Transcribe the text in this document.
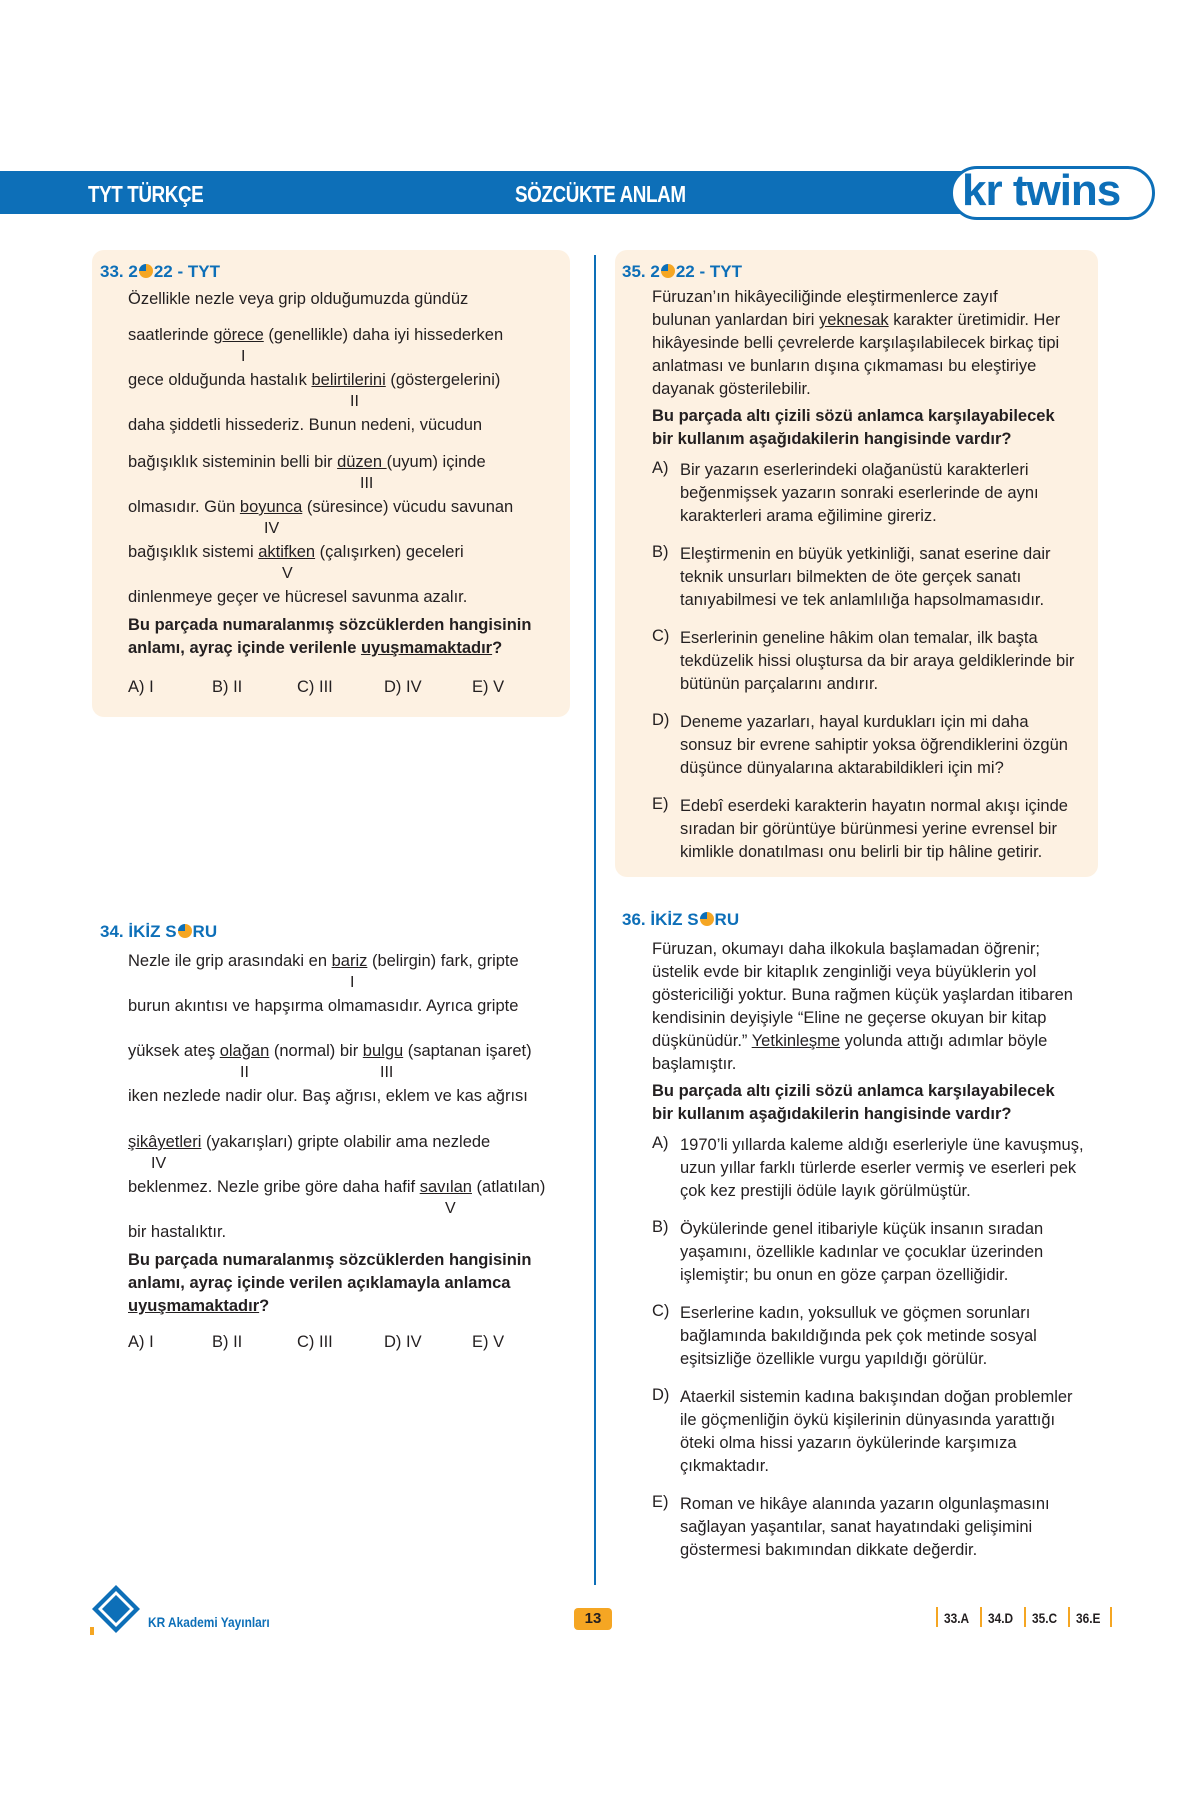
TYT TÜRKÇE	SÖZCÜKTE ANLAM	kr twins
33. 2 22 - TYT
Özellikle nezle veya grip olduğumuzda gündüz
saatlerinde görece (genellikle) daha iyi hissederken
I
gece olduğunda hastalık belirtilerini (göstergelerini)
II
daha şiddetli hissederiz. Bunun nedeni, vücudun
bağışıklık sisteminin belli bir düzen (uyum) içinde
III
olmasıdır. Gün boyunca (süresince) vücudu savunan
IV
bağışıklık sistemi aktifken (çalışırken) geceleri
V
dinlenmeye geçer ve hücresel savunma azalır.
Bu parçada numaralanmış sözcüklerden hangisinin
anlamı, ayraç içinde verilenle uyuşmamaktadır?
A) I	B) II	C) III	D) IV	E) V
34. İKİZ S RU
Nezle ile grip arasındaki en bariz (belirgin) fark, gripte
I
burun akıntısı ve hapşırma olmamasıdır. Ayrıca gripte
yüksek ateş olağan (normal) bir bulgu (saptanan işaret)
II	III
iken nezlede nadir olur. Baş ağrısı, eklem ve kas ağrısı
şikâyetleri (yakarışları) gripte olabilir ama nezlede
IV
beklenmez. Nezle gribe göre daha hafif savılan (atlatılan)
V
bir hastalıktır.
Bu parçada numaralanmış sözcüklerden hangisinin
anlamı, ayraç içinde verilen açıklamayla anlamca
uyuşmamaktadır?
A) I	B) II	C) III	D) IV	E) V
35. 2 22 - TYT
Füruzan’ın hikâyeciliğinde eleştirmenlerce zayıf
bulunan yanlardan biri yeknesak karakter üretimidir. Her
hikâyesinde belli çevrelerde karşılaşılabilecek birkaç tipi
anlatması ve bunların dışına çıkmaması bu eleştiriye
dayanak gösterilebilir.
Bu parçada altı çizili sözü anlamca karşılayabilecek
bir kullanım aşağıdakilerin hangisinde vardır?
A) Bir yazarın eserlerindeki olağanüstü karakterleri
beğenmişsek yazarın sonraki eserlerinde de aynı
karakterleri arama eğilimine gireriz.
B) Eleştirmenin en büyük yetkinliği, sanat eserine dair
teknik unsurları bilmekten de öte gerçek sanatı
tanıyabilmesi ve tek anlamlılığa hapsolmamasıdır.
C) Eserlerinin geneline hâkim olan temalar, ilk başta
tekdüzelik hissi oluştursa da bir araya geldiklerinde bir
bütünün parçalarını andırır.
D) Deneme yazarları, hayal kurdukları için mi daha
sonsuz bir evrene sahiptir yoksa öğrendiklerini özgün
düşünce dünyalarına aktarabildikleri için mi?
E) Edebî eserdeki karakterin hayatın normal akışı içinde
sıradan bir görüntüye bürünmesi yerine evrensel bir
kimlikle donatılması onu belirli bir tip hâline getirir.
36. İKİZ S RU
Füruzan, okumayı daha ilkokula başlamadan öğrenir;
üstelik evde bir kitaplık zenginliği veya büyüklerin yol
göstericiliği yoktur. Buna rağmen küçük yaşlardan itibaren
kendisinin deyişiyle “Eline ne geçerse okuyan bir kitap
düşkünüdür.” Yetkinleşme yolunda attığı adımlar böyle
başlamıştır.
Bu parçada altı çizili sözü anlamca karşılayabilecek
bir kullanım aşağıdakilerin hangisinde vardır?
A) 1970’li yıllarda kaleme aldığı eserleriyle üne kavuşmuş,
uzun yıllar farklı türlerde eserler vermiş ve eserleri pek
çok kez prestijli ödüle layık görülmüştür.
B) Öykülerinde genel itibariyle küçük insanın sıradan
yaşamını, özellikle kadınlar ve çocuklar üzerinden
işlemiştir; bu onun en göze çarpan özelliğidir.
C) Eserlerine kadın, yoksulluk ve göçmen sorunları
bağlamında bakıldığında pek çok metinde sosyal
eşitsizliğe özellikle vurgu yapıldığı görülür.
D) Ataerkil sistemin kadına bakışından doğan problemler
ile göçmenliğin öykü kişilerinin dünyasında yarattığı
öteki olma hissi yazarın öykülerinde karşımıza
çıkmaktadır.
E) Roman ve hikâye alanında yazarın olgunlaşmasını
sağlayan yaşantılar, sanat hayatındaki gelişimini
göstermesi bakımından dikkate değerdir.
KR Akademi Yayınları	13	33.A 34.D 35.C 36.E
